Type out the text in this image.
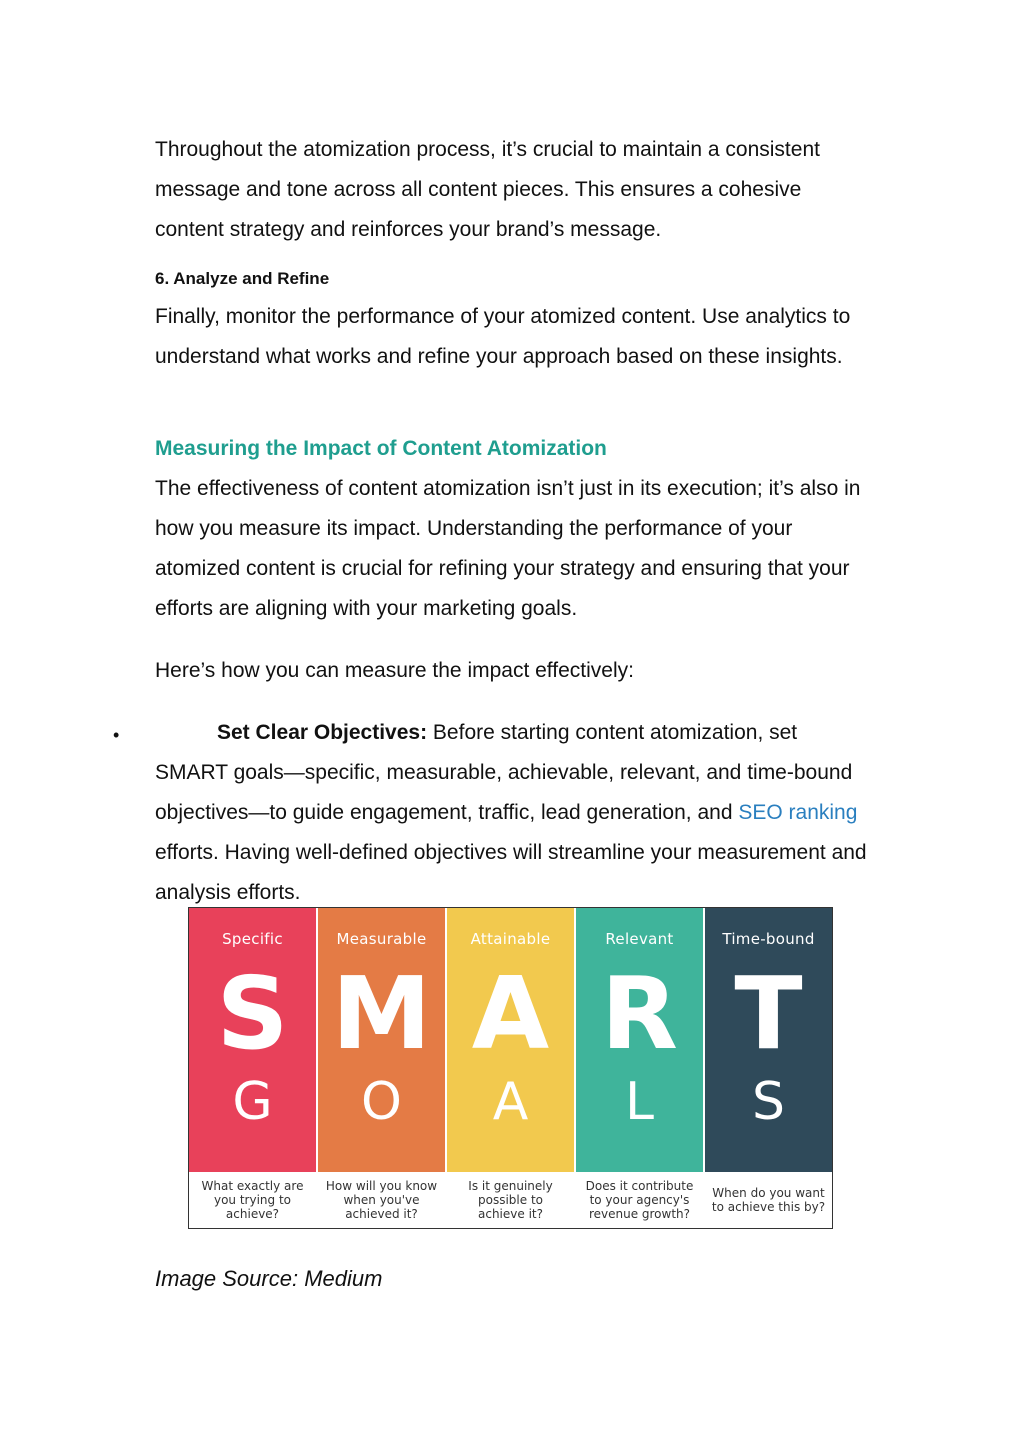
Throughout the atomization process, it’s crucial to maintain a consistent message and tone across all content pieces. This ensures a cohesive content strategy and reinforces your brand’s message.

6. Analyze and Refine

Finally, monitor the performance of your atomized content. Use analytics to understand what works and refine your approach based on these insights.

Measuring the Impact of Content Atomization

The effectiveness of content atomization isn’t just in its execution; it’s also in how you measure its impact. Understanding the performance of your atomized content is crucial for refining your strategy and ensuring that your efforts are aligning with your marketing goals.

Here’s how you can measure the impact effectively:

•	Set Clear Objectives: Before starting content atomization, set SMART goals—specific, measurable, achievable, relevant, and time-bound objectives—to guide engagement, traffic, lead generation, and SEO ranking efforts. Having well-defined objectives will streamline your measurement and analysis efforts.

Specific
S
G
What exactly are you trying to achieve?
Measurable
M
O
How will you know when you've achieved it?
Attainable
A
A
Is it genuinely possible to achieve it?
Relevant
R
L
Does it contribute to your agency's revenue growth?
Time-bound
T
S
When do you want to achieve this by?

Image Source: Medium
